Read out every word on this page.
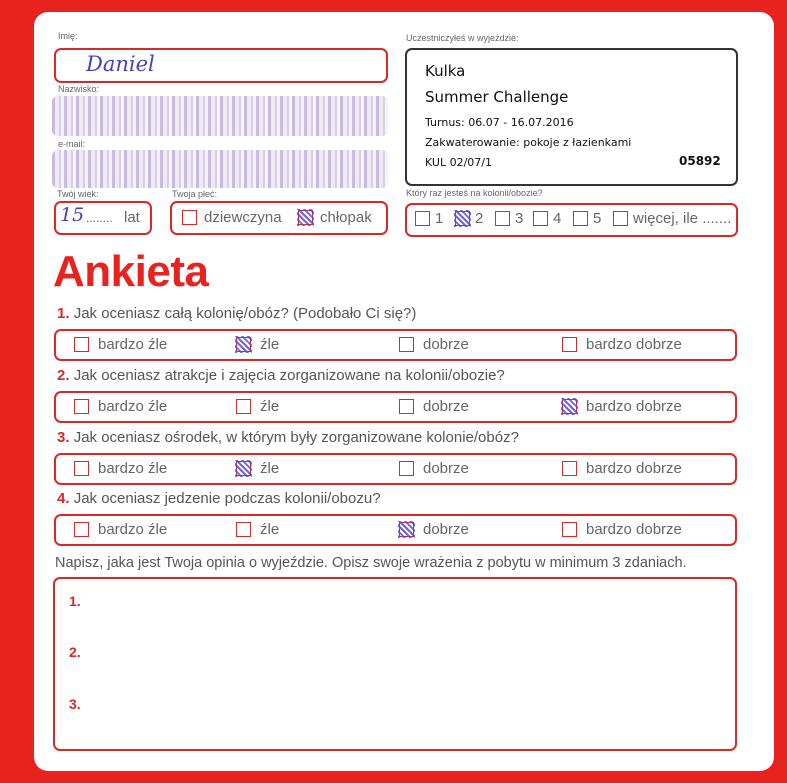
Imię:
Daniel
Nazwisko:
e-mail:
Twój wiek:
15 ........ lat
Twoja płeć:
dziewczyna	chłopak
Uczestniczyłeś w wyjeździe:
Kulka
Summer Challenge
Turnus: 06.07 - 16.07.2016
Zakwaterowanie: pokoje z łazienkami
KUL 02/07/1	05892
Który raz jesteś na kolonii/obozie?
1 2 3 4 5 więcej, ile .......
Ankieta
1. Jak oceniasz całą kolonię/obóz? (Podobało Ci się?)
bardzo źle	źle	dobrze	bardzo dobrze
2. Jak oceniasz atrakcje i zajęcia zorganizowane na kolonii/obozie?
bardzo źle	źle	dobrze	bardzo dobrze
3. Jak oceniasz ośrodek, w którym były zorganizowane kolonie/obóz?
bardzo źle	źle	dobrze	bardzo dobrze
4. Jak oceniasz jedzenie podczas kolonii/obozu?
bardzo źle	źle	dobrze	bardzo dobrze
Napisz, jaka jest Twoja opinia o wyjeździe. Opisz swoje wrażenia z pobytu w minimum 3 zdaniach.
1.
2.
3.
